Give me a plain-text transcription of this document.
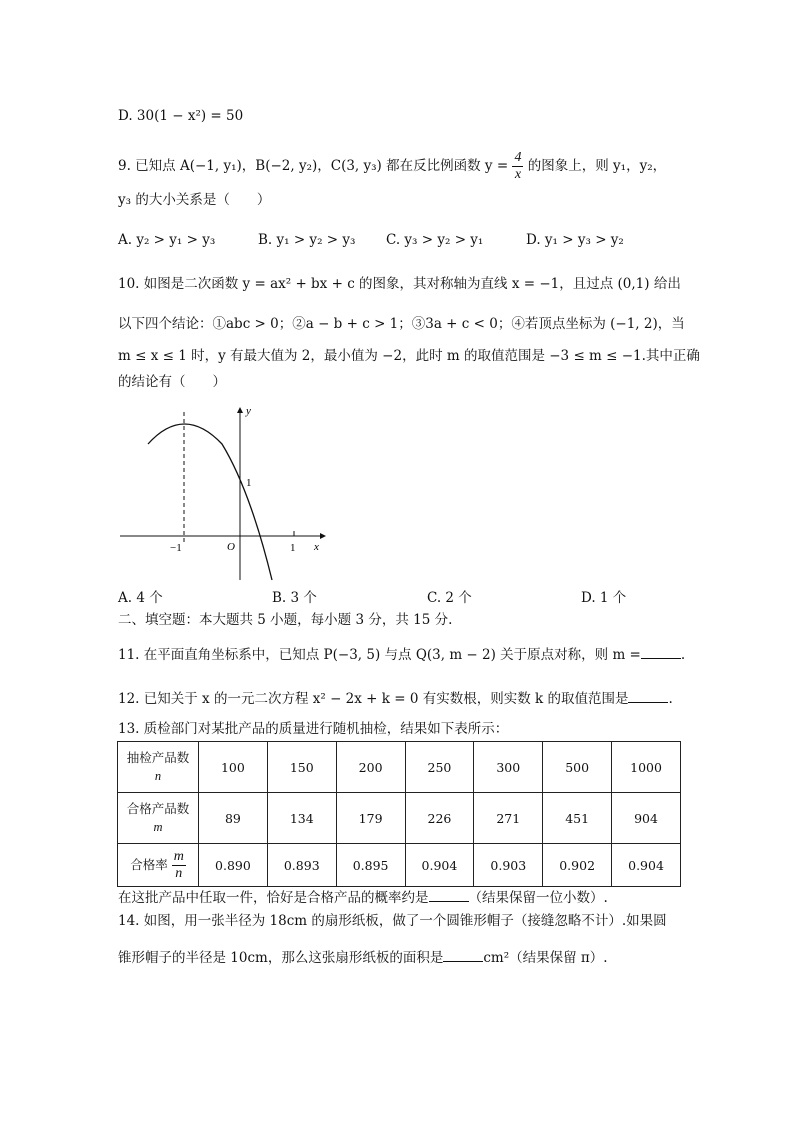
D. 30(1 − x²) = 50
9. 已知点 A(−1, y₁)，B(−2, y₂)，C(3, y₃) 都在反比例函数 $y = \frac{4}{x}$ 的图象上，则 y₁，y₂，
y₃ 的大小关系是（　　）
A. y₂ > y₁ > y₃	B. y₁ > y₂ > y₃ C. y₃ > y₂ > y₁	D. y₁ > y₃ > y₂
10. 如图是二次函数 y = ax² + bx + c 的图象，其对称轴为直线 x = −1，且过点 (0,1) 给出
以下四个结论：①abc > 0；②a − b + c > 1；③3a + c < 0；④若顶点坐标为 (−1, 2)，当
m ≤ x ≤ 1 时，y 有最大值为 2，最小值为 −2，此时 m 的取值范围是 −3 ≤ m ≤ −1.其中正确
的结论有（　　）
y
x
O
1
−1	1
A. 4 个	B. 3 个	C. 2 个	D. 1 个
二、填空题：本大题共 5 小题，每小题 3 分，共 15 分.
11. 在平面直角坐标系中，已知点 P(−3, 5) 与点 Q(3, m − 2) 关于原点对称，则 m =	.
12. 已知关于 x 的一元二次方程 x² − 2x + k = 0 有实数根，则实数 k 的取值范围是	.
13. 质检部门对某批产品的质量进行随机抽检，结果如下表所示：
抽检产品数
n	100	150	200	250	300	500	1000
合格产品数
m	89	134	179	226	271	451	904
合格率 $\frac{m}{n}$	0.890	0.893	0.895	0.904	0.903	0.902	0.904
在这批产品中任取一件，恰好是合格产品的概率约是	（结果保留一位小数）.
14. 如图，用一张半径为 18cm 的扇形纸板，做了一个圆锥形帽子（接缝忽略不计）.如果圆
锥形帽子的半径是 10cm，那么这张扇形纸板的面积是	cm²（结果保留 π）.
